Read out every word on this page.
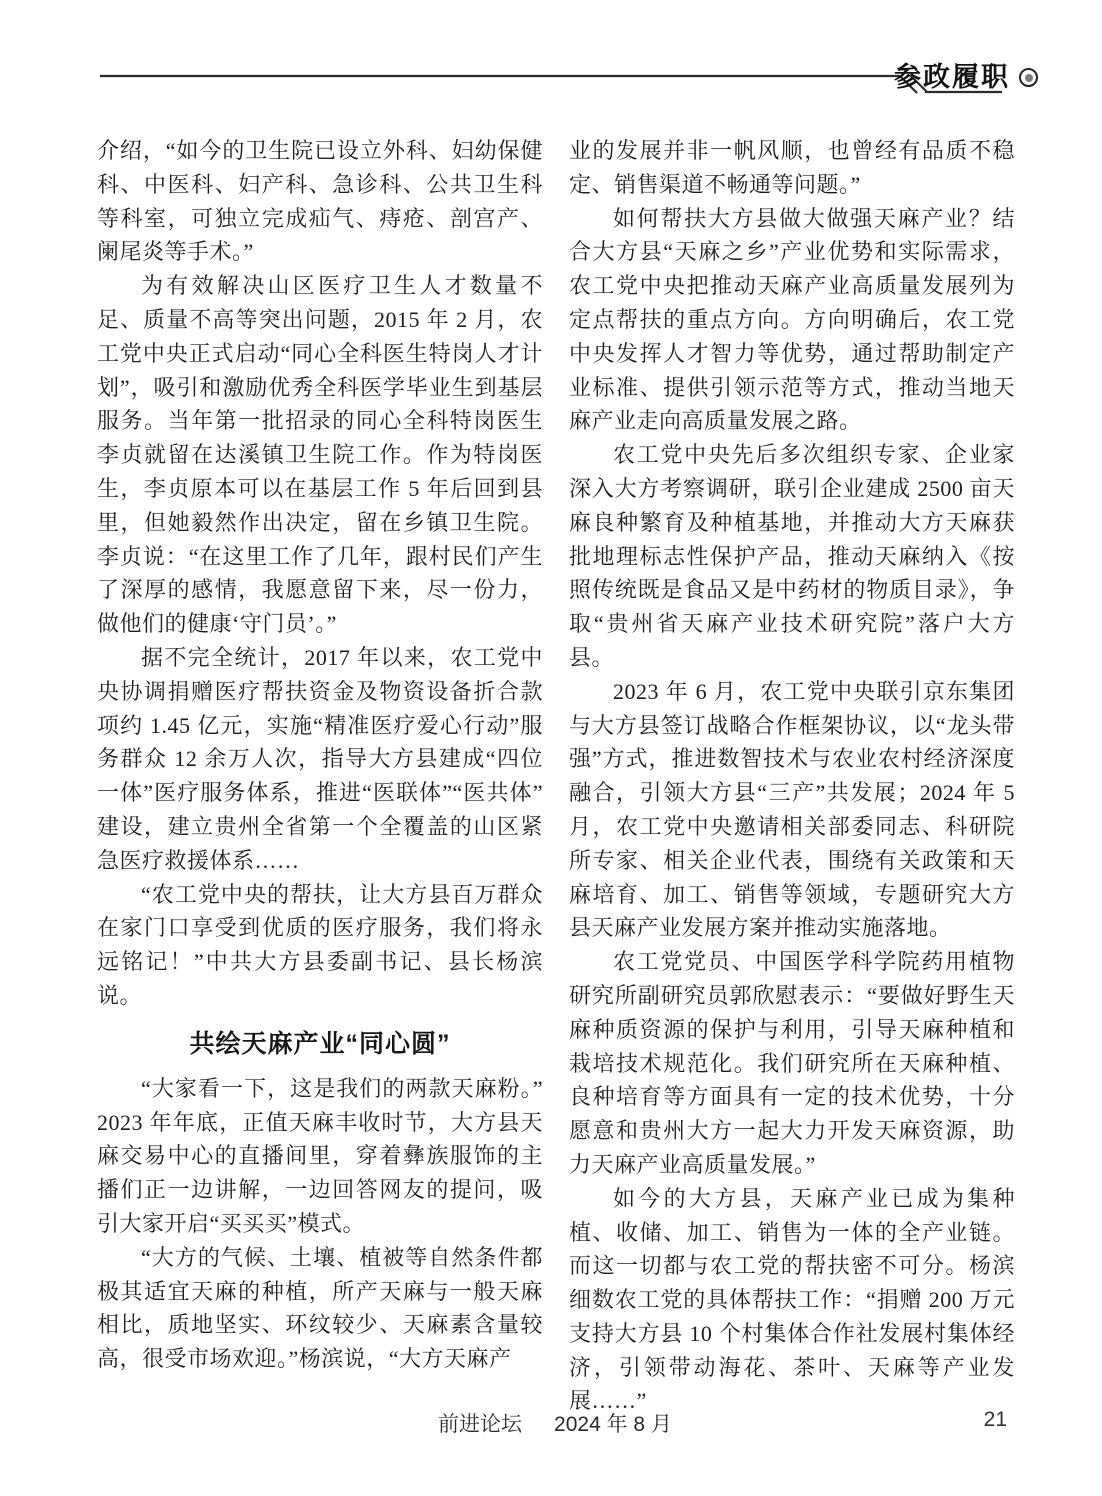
参政履职

介绍，“如今的卫生院已设立外科、妇幼保健科、中医科、妇产科、急诊科、公共卫生科等科室，可独立完成疝气、痔疮、剖宫产、阑尾炎等手术。”

为有效解决山区医疗卫生人才数量不足、质量不高等突出问题，2015 年 2 月，农工党中央正式启动“同心全科医生特岗人才计划”，吸引和激励优秀全科医学毕业生到基层服务。当年第一批招录的同心全科特岗医生李贞就留在达溪镇卫生院工作。作为特岗医生，李贞原本可以在基层工作 5 年后回到县里，但她毅然作出决定，留在乡镇卫生院。李贞说：“在这里工作了几年，跟村民们产生了深厚的感情，我愿意留下来，尽一份力，做他们的健康‘守门员’。”

据不完全统计，2017 年以来，农工党中央协调捐赠医疗帮扶资金及物资设备折合款项约 1.45 亿元，实施“精准医疗爱心行动”服务群众 12 余万人次，指导大方县建成“四位一体”医疗服务体系，推进“医联体”“医共体”建设，建立贵州全省第一个全覆盖的山区紧急医疗救援体系……

“农工党中央的帮扶，让大方县百万群众在家门口享受到优质的医疗服务，我们将永远铭记！”中共大方县委副书记、县长杨滨说。

共绘天麻产业“同心圆”

“大家看一下，这是我们的两款天麻粉。”2023 年年底，正值天麻丰收时节，大方县天麻交易中心的直播间里，穿着彝族服饰的主播们正一边讲解，一边回答网友的提问，吸引大家开启“买买买”模式。

“大方的气候、土壤、植被等自然条件都极其适宜天麻的种植，所产天麻与一般天麻相比，质地坚实、环纹较少、天麻素含量较高，很受市场欢迎。”杨滨说，“大方天麻产

业的发展并非一帆风顺，也曾经有品质不稳定、销售渠道不畅通等问题。”

如何帮扶大方县做大做强天麻产业？结合大方县“天麻之乡”产业优势和实际需求，农工党中央把推动天麻产业高质量发展列为定点帮扶的重点方向。方向明确后，农工党中央发挥人才智力等优势，通过帮助制定产业标准、提供引领示范等方式，推动当地天麻产业走向高质量发展之路。

农工党中央先后多次组织专家、企业家深入大方考察调研，联引企业建成 2500 亩天麻良种繁育及种植基地，并推动大方天麻获批地理标志性保护产品，推动天麻纳入《按照传统既是食品又是中药材的物质目录》，争取“贵州省天麻产业技术研究院”落户大方县。

2023 年 6 月，农工党中央联引京东集团与大方县签订战略合作框架协议，以“龙头带强”方式，推进数智技术与农业农村经济深度融合，引领大方县“三产”共发展；2024 年 5 月，农工党中央邀请相关部委同志、科研院所专家、相关企业代表，围绕有关政策和天麻培育、加工、销售等领域，专题研究大方县天麻产业发展方案并推动实施落地。

农工党党员、中国医学科学院药用植物研究所副研究员郭欣慰表示：“要做好野生天麻种质资源的保护与利用，引导天麻种植和栽培技术规范化。我们研究所在天麻种植、良种培育等方面具有一定的技术优势，十分愿意和贵州大方一起大力开发天麻资源，助力天麻产业高质量发展。”

如今的大方县，天麻产业已成为集种植、收储、加工、销售为一体的全产业链。而这一切都与农工党的帮扶密不可分。杨滨细数农工党的具体帮扶工作：“捐赠 200 万元支持大方县 10 个村集体合作社发展村集体经济，引领带动海花、茶叶、天麻等产业发展……”

前进论坛 2024 年 8 月	21
